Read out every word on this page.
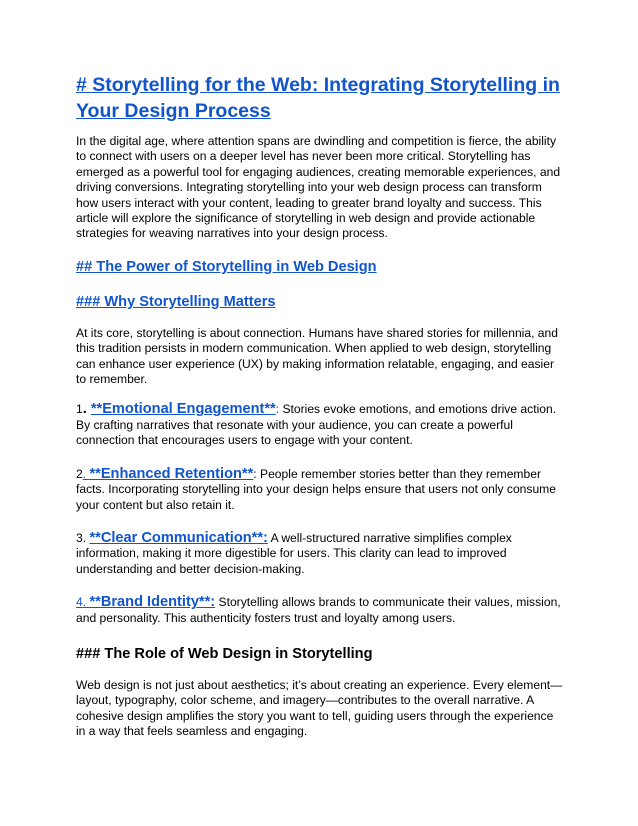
# Storytelling for the Web: Integrating Storytelling in Your Design Process
In the digital age, where attention spans are dwindling and competition is fierce, the ability to connect with users on a deeper level has never been more critical. Storytelling has emerged as a powerful tool for engaging audiences, creating memorable experiences, and driving conversions. Integrating storytelling into your web design process can transform how users interact with your content, leading to greater brand loyalty and success. This article will explore the significance of storytelling in web design and provide actionable strategies for weaving narratives into your design process.
## The Power of Storytelling in Web Design
### Why Storytelling Matters
At its core, storytelling is about connection. Humans have shared stories for millennia, and this tradition persists in modern communication. When applied to web design, storytelling can enhance user experience (UX) by making information relatable, engaging, and easier to remember.
1. **Emotional Engagement**: Stories evoke emotions, and emotions drive action. By crafting narratives that resonate with your audience, you can create a powerful connection that encourages users to engage with your content.
2. **Enhanced Retention**: People remember stories better than they remember facts. Incorporating storytelling into your design helps ensure that users not only consume your content but also retain it.
3. **Clear Communication**: A well-structured narrative simplifies complex information, making it more digestible for users. This clarity can lead to improved understanding and better decision-making.
4. **Brand Identity**: Storytelling allows brands to communicate their values, mission, and personality. This authenticity fosters trust and loyalty among users.
### The Role of Web Design in Storytelling
Web design is not just about aesthetics; it’s about creating an experience. Every element—layout, typography, color scheme, and imagery—contributes to the overall narrative. A cohesive design amplifies the story you want to tell, guiding users through the experience in a way that feels seamless and engaging.
